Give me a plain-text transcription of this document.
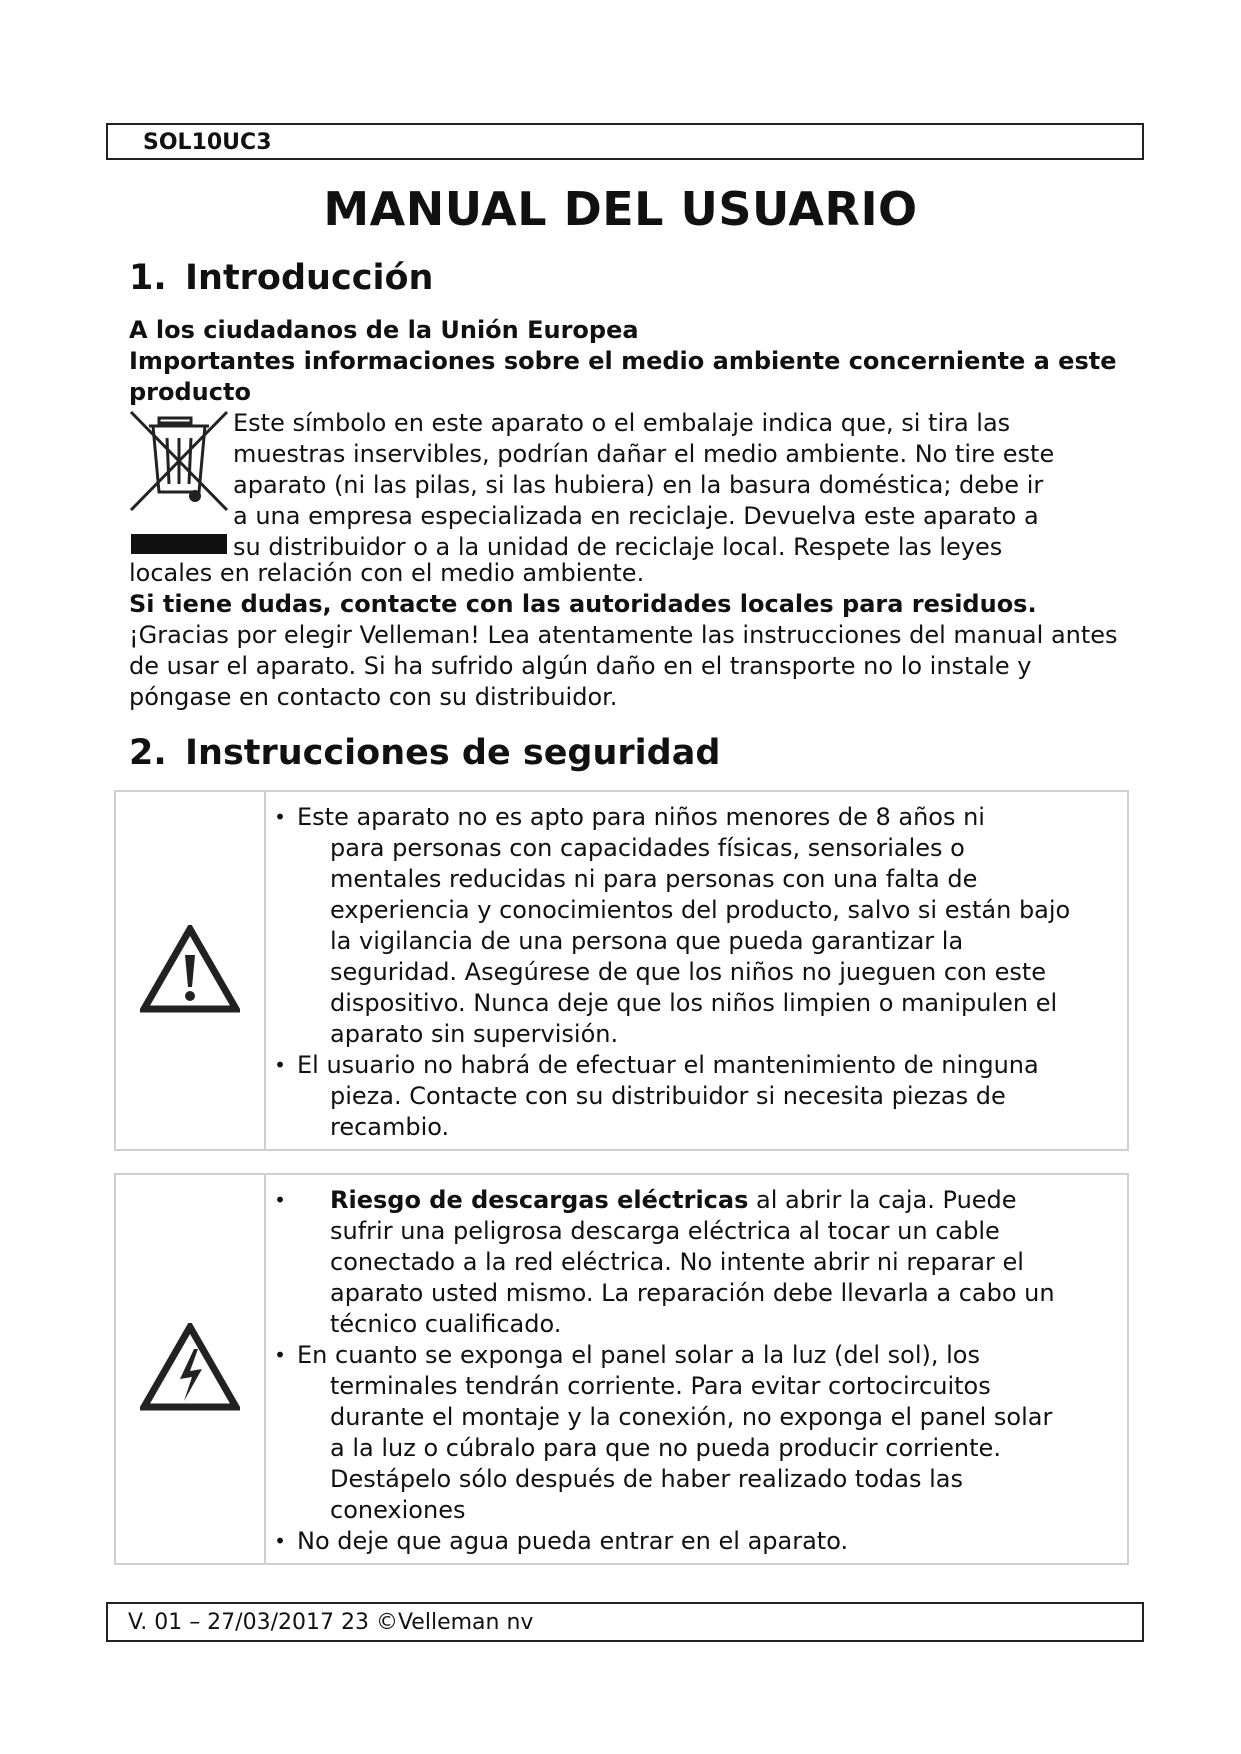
SOL10UC3
MANUAL DEL USUARIO
1. Introducción
A los ciudadanos de la Unión Europea
Importantes informaciones sobre el medio ambiente concerniente a este producto
Este símbolo en este aparato o el embalaje indica que, si tira las
muestras inservibles, podrían dañar el medio ambiente. No tire este
aparato (ni las pilas, si las hubiera) en la basura doméstica; debe ir
a una empresa especializada en reciclaje. Devuelva este aparato a
su distribuidor o a la unidad de reciclaje local. Respete las leyes
locales en relación con el medio ambiente.
Si tiene dudas, contacte con las autoridades locales para residuos.
¡Gracias por elegir Velleman! Lea atentamente las instrucciones del manual antes de usar el aparato. Si ha sufrido algún daño en el transporte no lo instale y póngase en contacto con su distribuidor.
2. Instrucciones de seguridad

• Este aparato no es apto para niños menores de 8 años ni
para personas con capacidades físicas, sensoriales o
mentales reducidas ni para personas con una falta de
experiencia y conocimientos del producto, salvo si están bajo
la vigilancia de una persona que pueda garantizar la
seguridad. Asegúrese de que los niños no jueguen con este
dispositivo. Nunca deje que los niños limpien o manipulen el
aparato sin supervisión.
• El usuario no habrá de efectuar el mantenimiento de ninguna
pieza. Contacte con su distribuidor si necesita piezas de
recambio.

• Riesgo de descargas eléctricas al abrir la caja. Puede
sufrir una peligrosa descarga eléctrica al tocar un cable
conectado a la red eléctrica. No intente abrir ni reparar el
aparato usted mismo. La reparación debe llevarla a cabo un
técnico cualificado.
• En cuanto se exponga el panel solar a la luz (del sol), los
terminales tendrán corriente. Para evitar cortocircuitos
durante el montaje y la conexión, no exponga el panel solar
a la luz o cúbralo para que no pueda producir corriente.
Destápelo sólo después de haber realizado todas las
conexiones
• No deje que agua pueda entrar en el aparato.
V. 01 – 27/03/2017 23 ©Velleman nv
